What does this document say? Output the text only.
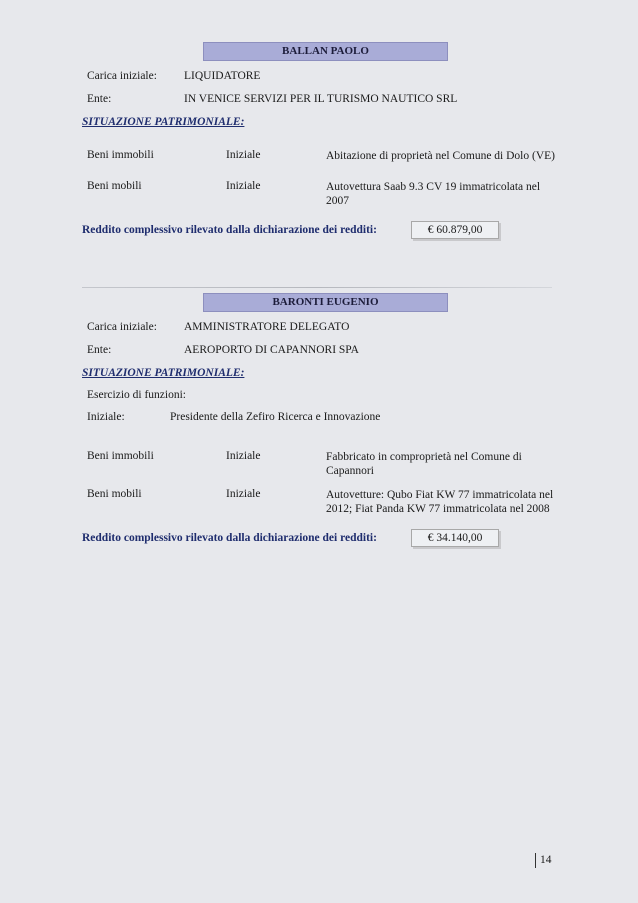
BALLAN PAOLO
Carica iniziale: LIQUIDATORE
Ente:	IN VENICE SERVIZI PER IL TURISMO NAUTICO SRL
SITUAZIONE PATRIMONIALE:
Beni immobili	Iniziale	Abitazione di proprietà nel Comune di Dolo (VE)
Beni mobili	Iniziale	Autovettura Saab 9.3 CV 19 immatricolata nel 2007
Reddito complessivo rilevato dalla dichiarazione dei redditi:	€ 60.879,00
BARONTI EUGENIO
Carica iniziale: AMMINISTRATORE DELEGATO
Ente:	AEROPORTO DI CAPANNORI SPA
SITUAZIONE PATRIMONIALE:
Esercizio di funzioni:
Iniziale:	Presidente della Zefiro Ricerca e Innovazione
Beni immobili	Iniziale	Fabbricato in comproprietà nel Comune di Capannori
Beni mobili	Iniziale	Autovetture: Qubo Fiat KW 77 immatricolata nel 2012; Fiat Panda KW 77 immatricolata nel 2008
Reddito complessivo rilevato dalla dichiarazione dei redditi:	€ 34.140,00
14
